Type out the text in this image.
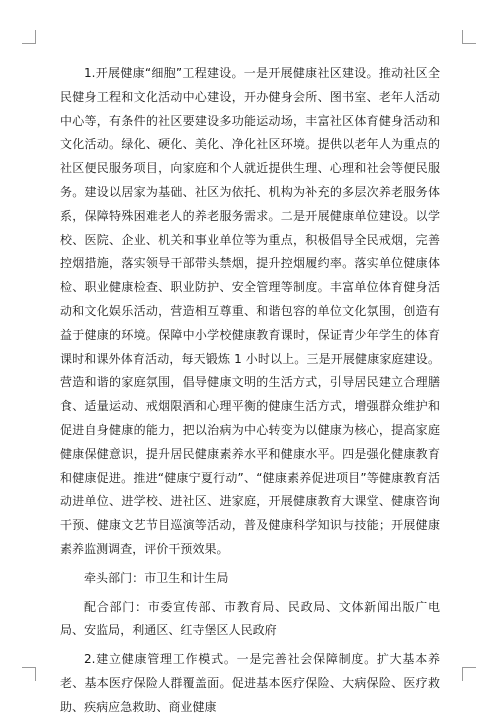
1.开展健康“细胞”工程建设。一是开展健康社区建设。推动社区全民健身工程和文化活动中心建设，开办健身会所、图书室、老年人活动中心等，有条件的社区要建设多功能运动场，丰富社区体育健身活动和文化活动。绿化、硬化、美化、净化社区环境。提供以老年人为重点的社区便民服务项目，向家庭和个人就近提供生理、心理和社会等便民服务。建设以居家为基础、社区为依托、机构为补充的多层次养老服务体系，保障特殊困难老人的养老服务需求。二是开展健康单位建设。以学校、医院、企业、机关和事业单位等为重点，积极倡导全民戒烟，完善控烟措施，落实领导干部带头禁烟，提升控烟履约率。落实单位健康体检、职业健康检查、职业防护、安全管理等制度。丰富单位体育健身活动和文化娱乐活动，营造相互尊重、和谐包容的单位文化氛围，创造有益于健康的环境。保障中小学校健康教育课时，保证青少年学生的体育课时和课外体育活动，每天锻炼 1 小时以上。三是开展健康家庭建设。营造和谐的家庭氛围，倡导健康文明的生活方式，引导居民建立合理膳食、适量运动、戒烟限酒和心理平衡的健康生活方式，增强群众维护和促进自身健康的能力，把以治病为中心转变为以健康为核心，提高家庭健康保健意识，提升居民健康素养水平和健康水平。四是强化健康教育和健康促进。推进“健康宁夏行动”、“健康素养促进项目”等健康教育活动进单位、进学校、进社区、进家庭，开展健康教育大课堂、健康咨询干预、健康文艺节目巡演等活动，普及健康科学知识与技能；开展健康素养监测调查，评价干预效果。

牵头部门：市卫生和计生局

配合部门：市委宣传部、市教育局、民政局、文体新闻出版广电局、安监局，利通区、红寺堡区人民政府

2.建立健康管理工作模式。一是完善社会保障制度。扩大基本养老、基本医疗保险人群覆盖面。促进基本医疗保险、大病保险、医疗救助、疾病应急救助、商业健康
